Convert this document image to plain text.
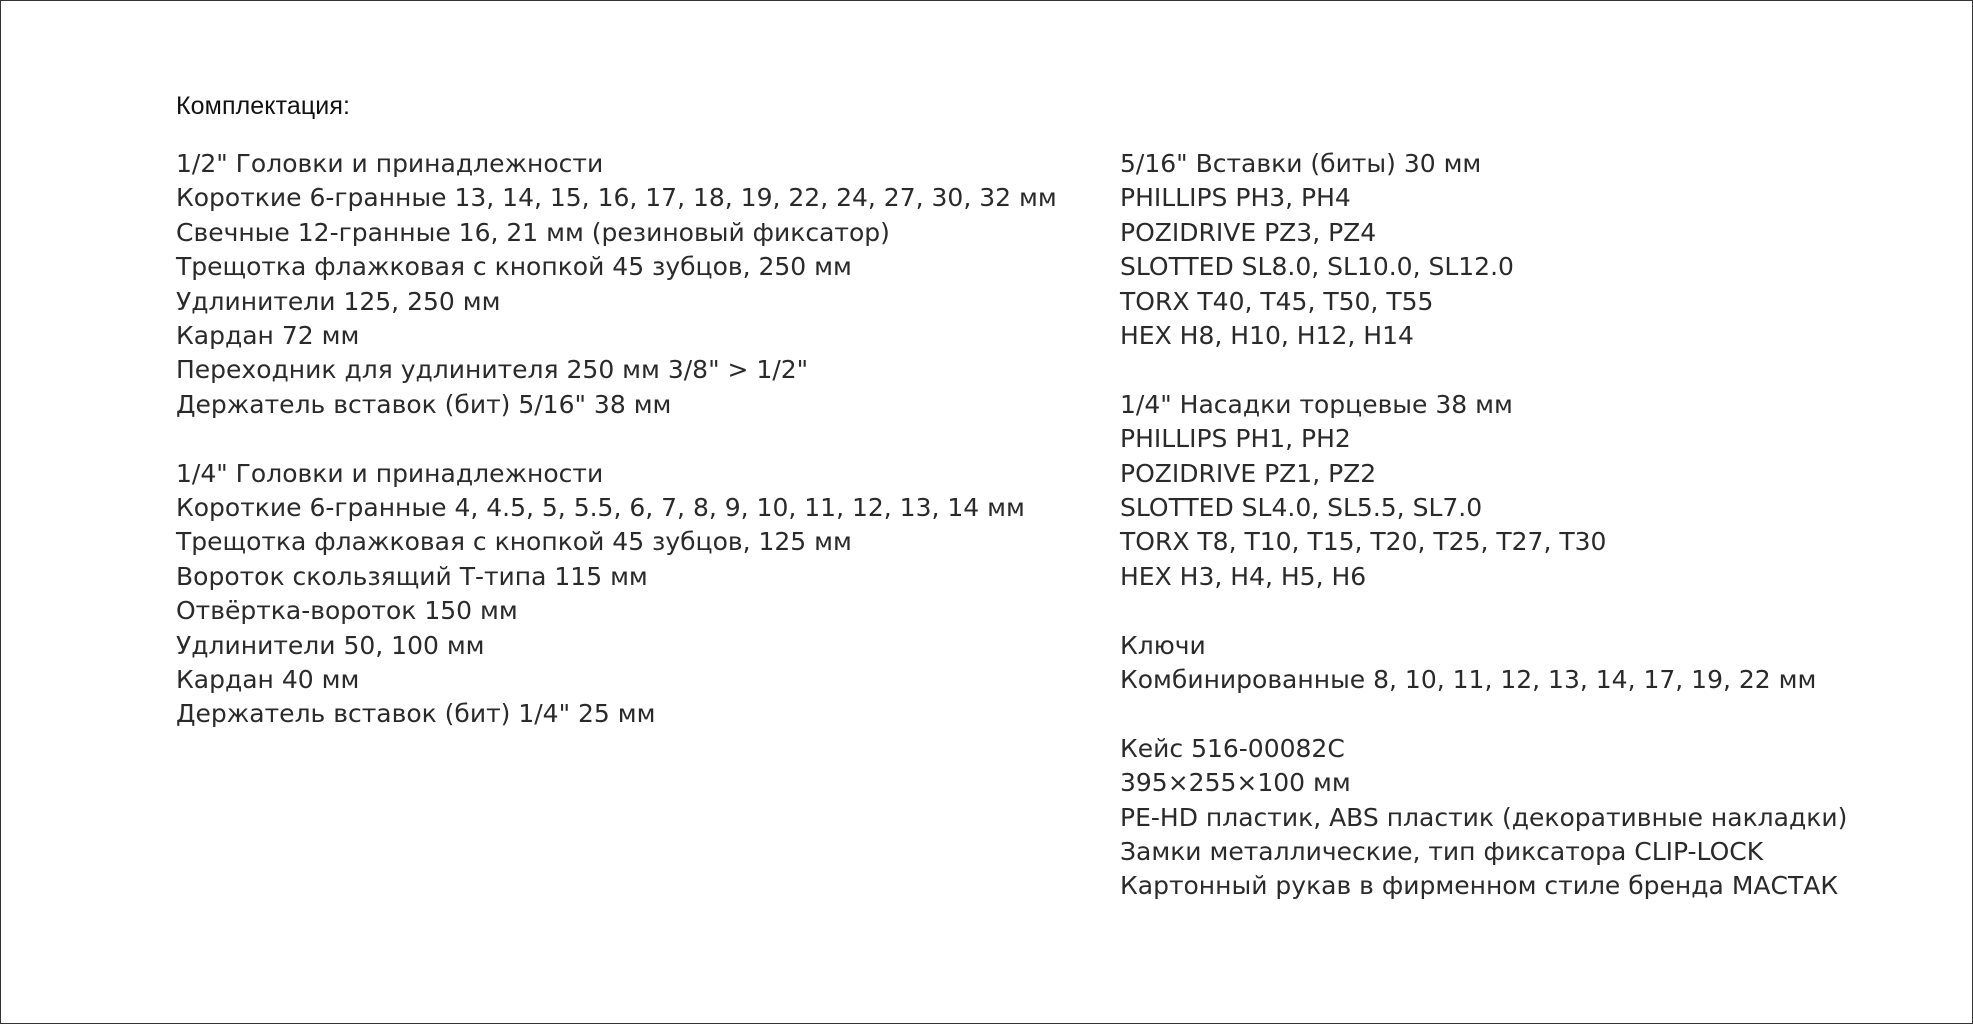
Комплектация:
1/2" Головки и принадлежности
Короткие 6-гранные 13, 14, 15, 16, 17, 18, 19, 22, 24, 27, 30, 32 мм
Свечные 12-гранные 16, 21 мм (резиновый фиксатор)
Трещотка флажковая с кнопкой 45 зубцов, 250 мм
Удлинители 125, 250 мм
Кардан 72 мм
Переходник для удлинителя 250 мм 3/8" > 1/2"
Держатель вставок (бит) 5/16" 38 мм
1/4" Головки и принадлежности
Короткие 6-гранные 4, 4.5, 5, 5.5, 6, 7, 8, 9, 10, 11, 12, 13, 14 мм
Трещотка флажковая с кнопкой 45 зубцов, 125 мм
Вороток скользящий Т-типа 115 мм
Отвёртка-вороток 150 мм
Удлинители 50, 100 мм
Кардан 40 мм
Держатель вставок (бит) 1/4" 25 мм
5/16" Вставки (биты) 30 мм
PHILLIPS PH3, PH4
POZIDRIVE PZ3, PZ4
SLOTTED SL8.0, SL10.0, SL12.0
TORX T40, T45, T50, T55
HEX H8, H10, H12, H14
1/4" Насадки торцевые 38 мм
PHILLIPS PH1, PH2
POZIDRIVE PZ1, PZ2
SLOTTED SL4.0, SL5.5, SL7.0
TORX T8, T10, T15, T20, T25, T27, T30
HEX H3, H4, H5, H6
Ключи
Комбинированные 8, 10, 11, 12, 13, 14, 17, 19, 22 мм
Кейс 516-00082C
395×255×100 мм
PE-HD пластик, ABS пластик (декоративные накладки)
Замки металлические, тип фиксатора CLIP-LOCK
Картонный рукав в фирменном стиле бренда МАСТАК
